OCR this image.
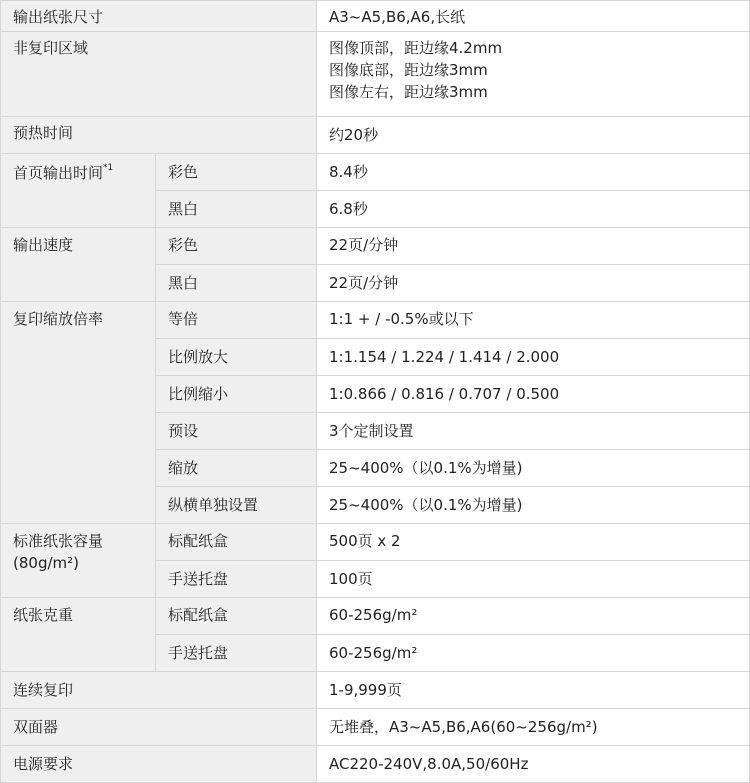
输出纸张尺寸		A3~A5,B6,A6,长纸
非复印区域		图像顶部，距边缘4.2mm
图像底部，距边缘3mm
图像左右，距边缘3mm

预热时间		约20秒
首页输出时间$^{*1}$	彩色	8.4秒
	黑白	6.8秒
输出速度	彩色	22页/分钟
	黑白	22页/分钟
复印缩放倍率	等倍	1:1 + / -0.5%或以下
	比例放大	1:1.154 / 1.224 / 1.414 / 2.000
	比例缩小	1:0.866 / 0.816 / 0.707 / 0.500
	预设	3个定制设置
	缩放	25~400%（以0.1%为增量)
	纵横单独设置	25~400%（以0.1%为增量)

标准纸张容量
(80g/m²)	标配纸盒	500页 x 2
	手送托盘	100页
纸张克重	标配纸盒	60-256g/m²
	手送托盘	60-256g/m²
连续复印		1-9,999页
双面器		无堆叠，A3~A5,B6,A6(60~256g/m²)
电源要求		AC220-240V,8.0A,50/60Hz
